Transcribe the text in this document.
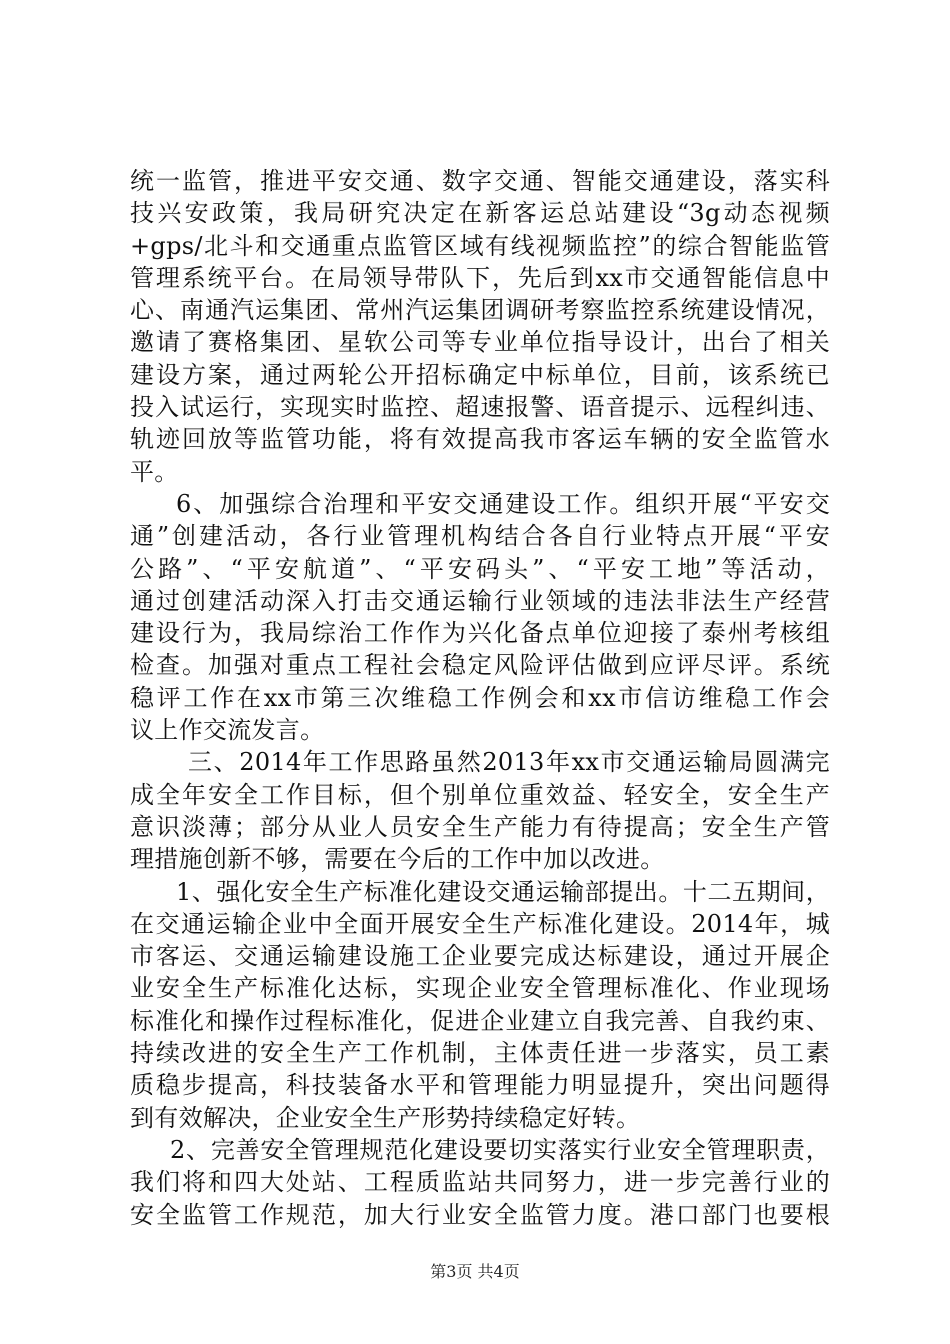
统一监管，推进平安交通、数字交通、智能交通建设，落实科
技兴安政策，我局研究决定在新客运总站建设“3g动态视频
+gps/北斗和交通重点监管区域有线视频监控”的综合智能监管
管理系统平台。在局领导带队下，先后到xx市交通智能信息中
心、南通汽运集团、常州汽运集团调研考察监控系统建设情况，
邀请了赛格集团、星软公司等专业单位指导设计，出台了相关
建设方案，通过两轮公开招标确定中标单位，目前，该系统已
投入试运行，实现实时监控、超速报警、语音提示、远程纠违、
轨迹回放等监管功能，将有效提高我市客运车辆的安全监管水
平。
6、加强综合治理和平安交通建设工作。组织开展“平安交
通”创建活动，各行业管理机构结合各自行业特点开展“平安
公路”、“平安航道”、“平安码头”、“平安工地”等活动，
通过创建活动深入打击交通运输行业领域的违法非法生产经营
建设行为，我局综治工作作为兴化备点单位迎接了泰州考核组
检查。加强对重点工程社会稳定风险评估做到应评尽评。系统
稳评工作在xx市第三次维稳工作例会和xx市信访维稳工作会
议上作交流发言。
三、2014年工作思路虽然2013年xx市交通运输局圆满完
成全年安全工作目标，但个别单位重效益、轻安全，安全生产
意识淡薄；部分从业人员安全生产能力有待提高；安全生产管
理措施创新不够，需要在今后的工作中加以改进。
1、强化安全生产标准化建设交通运输部提出。十二五期间，
在交通运输企业中全面开展安全生产标准化建设。2014年，城
市客运、交通运输建设施工企业要完成达标建设，通过开展企
业安全生产标准化达标，实现企业安全管理标准化、作业现场
标准化和操作过程标准化，促进企业建立自我完善、自我约束、
持续改进的安全生产工作机制，主体责任进一步落实，员工素
质稳步提高，科技装备水平和管理能力明显提升，突出问题得
到有效解决，企业安全生产形势持续稳定好转。
2、完善安全管理规范化建设要切实落实行业安全管理职责，
我们将和四大处站、工程质监站共同努力，进一步完善行业的
安全监管工作规范，加大行业安全监管力度。港口部门也要根
第3页 共4页
